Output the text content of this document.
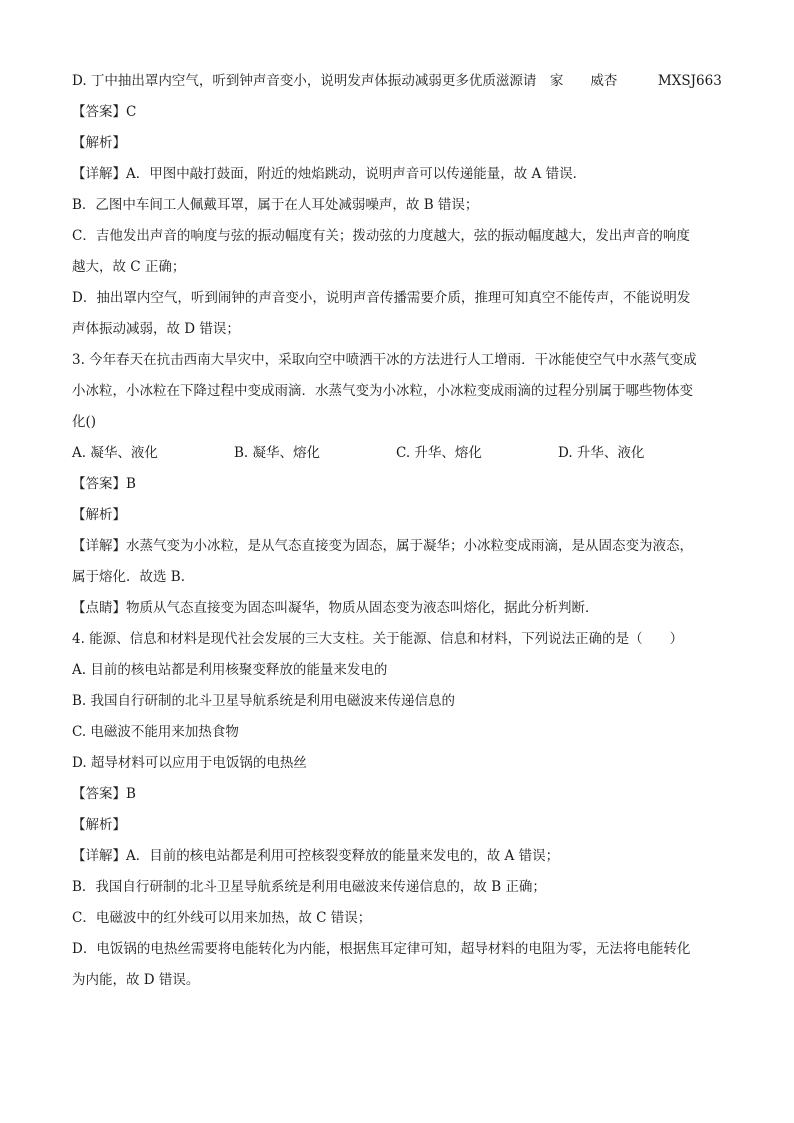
D. 丁中抽出罩内空气，听到钟声音变小，说明发声体振动减弱更多优质滋源请　家　　威杏　　　MXSJ663

【答案】C

【解析】

【详解】A．甲图中敲打鼓面，附近的烛焰跳动，说明声音可以传递能量，故 A 错误．

B．乙图中车间工人佩戴耳罩，属于在人耳处减弱噪声，故 B 错误；

C．吉他发出声音的响度与弦的振动幅度有关；拨动弦的力度越大，弦的振动幅度越大，发出声音的响度

越大，故 C 正确；

D．抽出罩内空气，听到闹钟的声音变小，说明声音传播需要介质，推理可知真空不能传声，不能说明发

声体振动减弱，故 D 错误；

3. 今年春天在抗击西南大旱灾中，采取向空中喷洒干冰的方法进行人工增雨．干冰能使空气中水蒸气变成

小冰粒，小冰粒在下降过程中变成雨滴．水蒸气变为小冰粒，小冰粒变成雨滴的过程分别属于哪些物体变

化()

A. 凝华、液化	B. 凝华、熔化	C. 升华、熔化	D. 升华、液化

【答案】B

【解析】

【详解】水蒸气变为小冰粒，是从气态直接变为固态，属于凝华；小冰粒变成雨滴，是从固态变为液态，

属于熔化．故选 B.

【点睛】物质从气态直接变为固态叫凝华，物质从固态变为液态叫熔化，据此分析判断．

4. 能源、信息和材料是现代社会发展的三大支柱。关于能源、信息和材料，下列说法正确的是（　　）

A. 目前的核电站都是利用核聚变释放的能量来发电的

B. 我国自行研制的北斗卫星导航系统是利用电磁波来传递信息的

C. 电磁波不能用来加热食物

D. 超导材料可以应用于电饭锅的电热丝

【答案】B

【解析】

【详解】A．目前的核电站都是利用可控核裂变释放的能量来发电的，故 A 错误；

B．我国自行研制的北斗卫星导航系统是利用电磁波来传递信息的，故 B 正确；

C．电磁波中的红外线可以用来加热，故 C 错误；

D．电饭锅的电热丝需要将电能转化为内能，根据焦耳定律可知，超导材料的电阻为零，无法将电能转化

为内能，故 D 错误。
